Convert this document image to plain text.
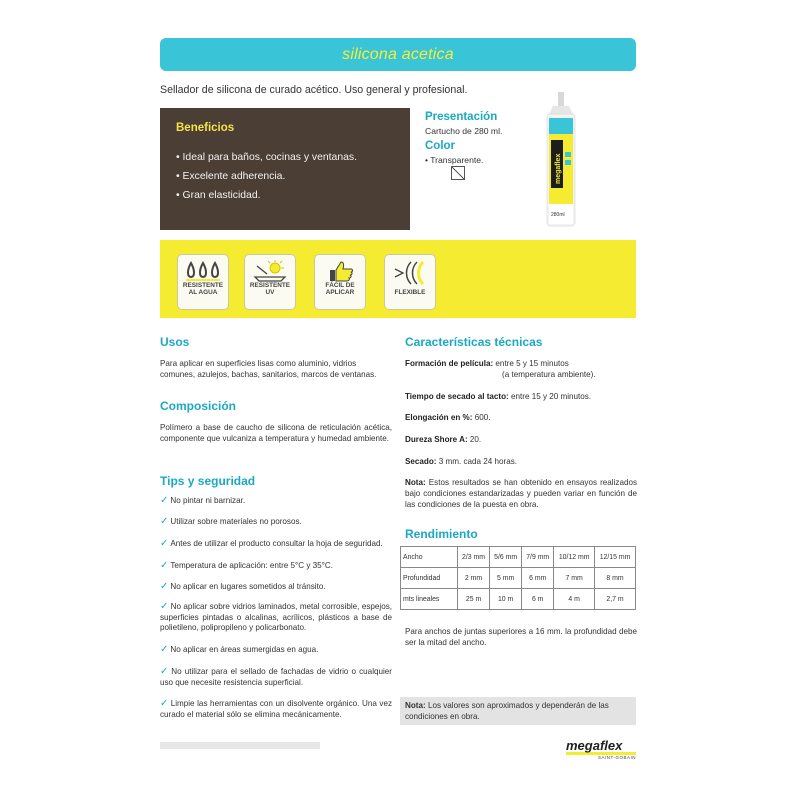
silicona acetica
Sellador de silicona de curado acético. Uso general y profesional.
Beneficios
• Ideal para baños, cocinas y ventanas.
• Excelente adherencia.
• Gran elasticidad.
Presentación
Cartucho de 280 ml.
Color
• Transparente.	megaflex
280ml
RESISTENTE
AL AGUA
RESISTENTE
UV
FÁCIL DE
APLICAR	FLEXIBLE
Usos
Para aplicar en superficies lisas como aluminio, vidrios comunes, azulejos, bachas, sanitarios, marcos de ventanas.
Composición
Polímero a base de caucho de silicona de reticulación acética, componente que vulcaniza a temperatura y humedad ambiente.
Tips y seguridad
✓ No pintar ni barnizar.
✓ Utilizar sobre materiales no porosos.
✓ Antes de utilizar el producto consultar la hoja de seguridad.
✓ Temperatura de aplicación: entre 5°C y 35°C.
✓ No aplicar en lugares sometidos al tránsito.
✓ No aplicar sobre vidrios laminados, metal corrosible, espejos, superficies pintadas o alcalinas, acrílicos, plásticos a base de polietileno, polipropileno y policarbonato.
✓ No aplicar en áreas sumergidas en agua.
✓ No utilizar para el sellado de fachadas de vidrio o cualquier uso que necesite resistencia superficial.
✓ Limpie las herramientas con un disolvente orgánico. Una vez curado el material sólo se elimina mecánicamente.
Características técnicas
Formación de película: entre 5 y 15 minutos
(a temperatura ambiente).
Tiempo de secado al tacto: entre 15 y 20 minutos.
Elongación en %: 600.
Dureza Shore A: 20.
Secado: 3 mm. cada 24 horas.
Nota: Estos resultados se han obtenido en ensayos realizados bajo condiciones estandarizadas y pueden variar en función de las condiciones de la puesta en obra.
Rendimiento
Ancho	2/3 mm	5/6 mm	7/9 mm	10/12 mm	12/15 mm
Profundidad	2 mm	5 mm	6 mm	7 mm	8 mm
mts lineales	25 m	10 m	6 m	4 m	2,7 m
Para anchos de juntas superiores a 16 mm. la profundidad debe ser la mitad del ancho.
Nota: Los valores son aproximados y dependerán de las condiciones en obra.
megaflex
SAINT-GOBAIN
